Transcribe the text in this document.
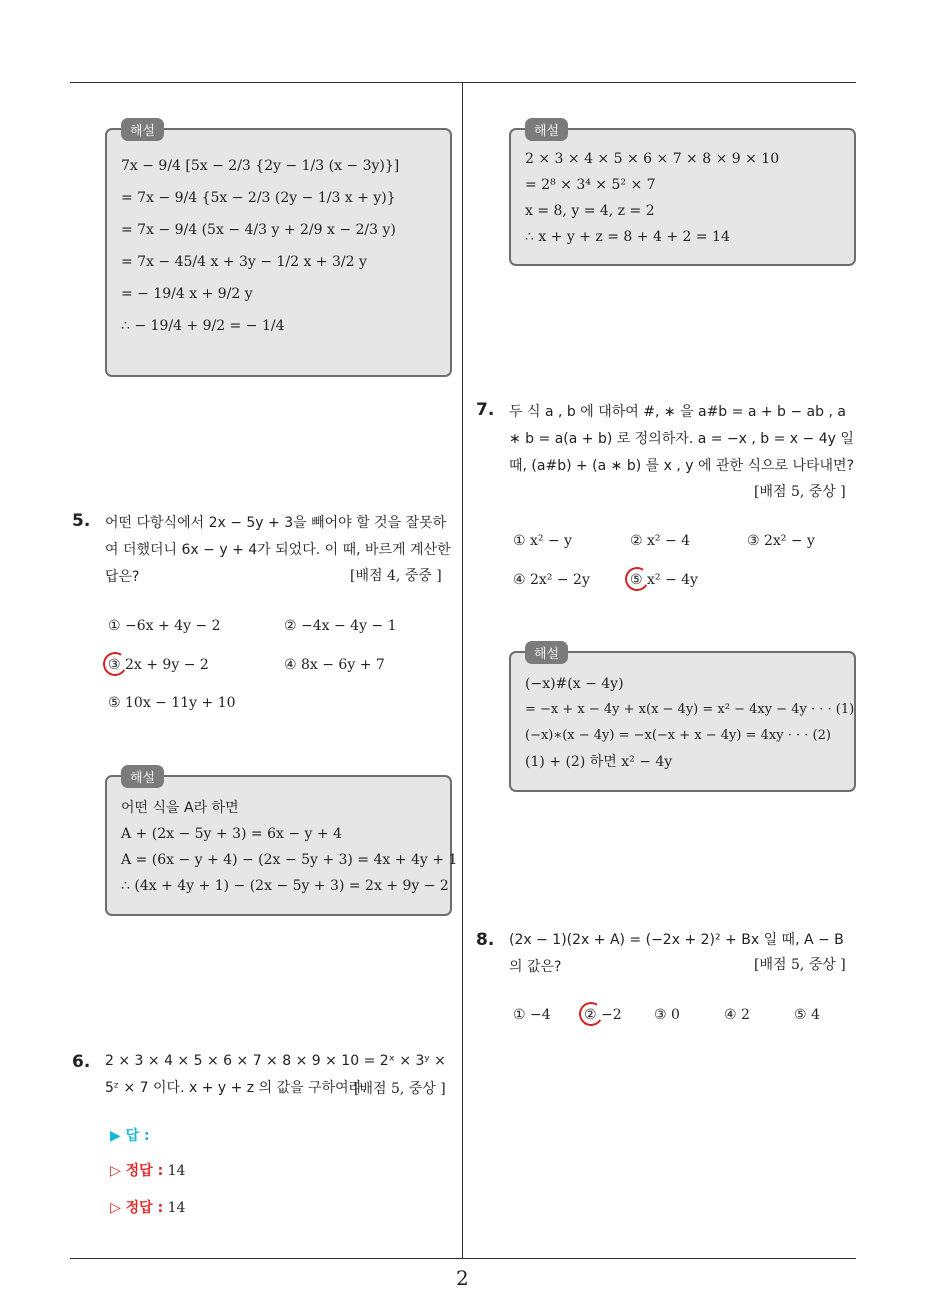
해설
7x − 9/4 [5x − 2/3 {2y − 1/3 (x − 3y)}]
= 7x − 9/4 {5x − 2/3 (2y − 1/3 x + y)}
= 7x − 9/4 (5x − 4/3 y + 2/9 x − 2/3 y)
= 7x − 45/4 x + 3y − 1/2 x + 3/2 y
= − 19/4 x + 9/2 y
∴ − 19/4 + 9/2 = − 1/4
5. 어떤 다항식에서 2x − 5y + 3을 빼어야 할 것을 잘못하여 더했더니 6x − y + 4가 되었다. 이 때, 바르게 계산한 답은?	[배점 4, 중중 ]
① −6x + 4y − 2	② −4x − 4y − 1
③ 2x + 9y − 2	④ 8x − 6y + 7
⑤ 10x − 11y + 10
해설
어떤 식을 A라 하면
A + (2x − 5y + 3) = 6x − y + 4
A = (6x − y + 4) − (2x − 5y + 3) = 4x + 4y + 1
∴ (4x + 4y + 1) − (2x − 5y + 3) = 2x + 9y − 2
6. 2 × 3 × 4 × 5 × 6 × 7 × 8 × 9 × 10 = 2ˣ × 3ʸ × 5ᶻ × 7 이다. x + y + z 의 값을 구하여라.
[배점 5, 중상 ]
▶ 답 :
▷ 정답 : 14
▷ 정답 : 14
해설
2 × 3 × 4 × 5 × 6 × 7 × 8 × 9 × 10
= 2⁸ × 3⁴ × 5² × 7
x = 8, y = 4, z = 2
∴ x + y + z = 8 + 4 + 2 = 14
7. 두 식 a , b 에 대하여 #, ∗ 을 a#b = a + b − ab , a ∗ b = a(a + b) 로 정의하자. a = −x , b = x − 4y 일 때, (a#b) + (a ∗ b) 를 x , y 에 관한 식으로 나타내면?
[배점 5, 중상 ]
① x² − y	② x² − 4	③ 2x² − y
④ 2x² − 2y	⑤ x² − 4y
해설
(−x)#(x − 4y)
= −x + x − 4y + x(x − 4y) = x² − 4xy − 4y · · · (1)
(−x)∗(x − 4y) = −x(−x + x − 4y) = 4xy · · · (2)
(1) + (2) 하면 x² − 4y
8. (2x − 1)(2x + A) = (−2x + 2)² + Bx 일 때, A − B 의 값은?	[배점 5, 중상 ]
① −4 ② −2 ③ 0	④ 2	⑤ 4
2
